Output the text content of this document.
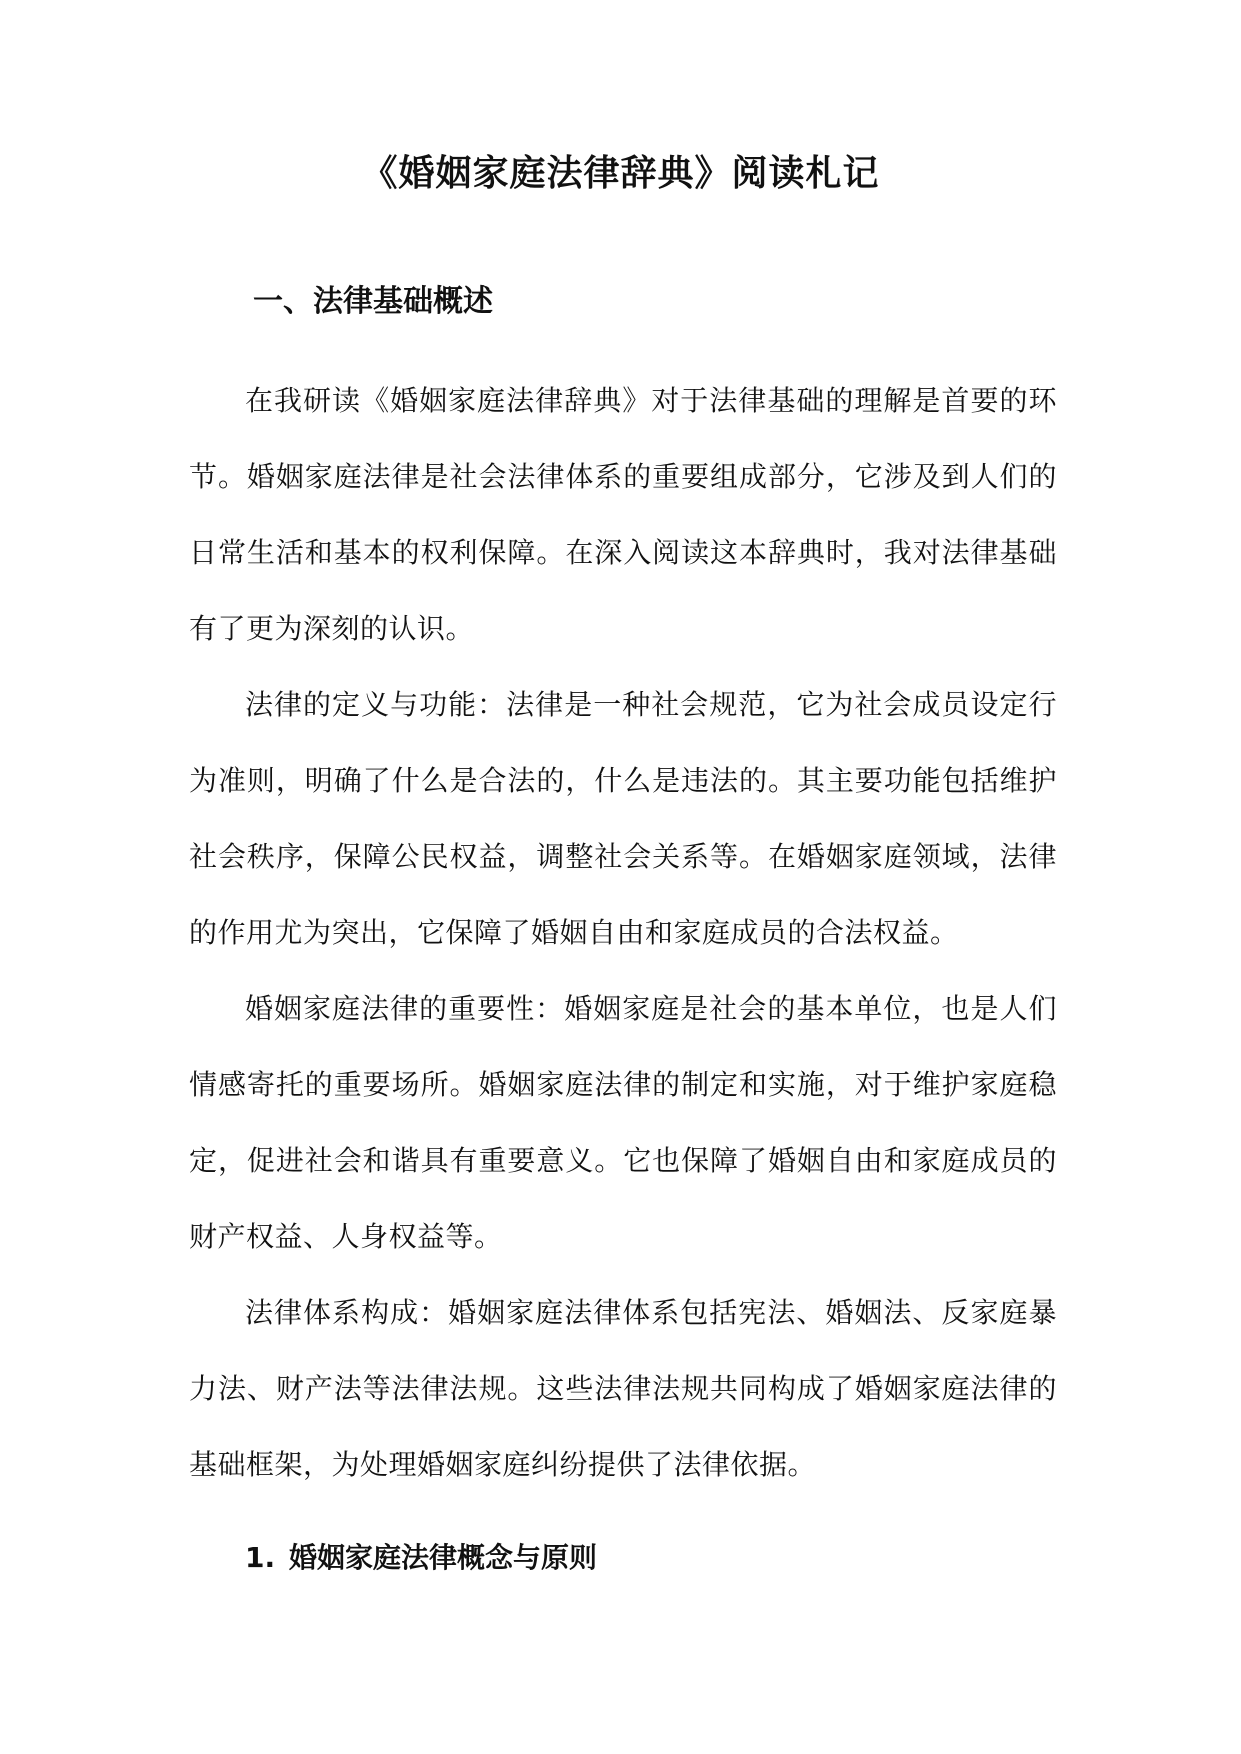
《婚姻家庭法律辞典》阅读札记
一、法律基础概述

在我研读《婚姻家庭法律辞典》对于法律基础的理解是首要的环节。婚姻家庭法律是社会法律体系的重要组成部分，它涉及到人们的日常生活和基本的权利保障。在深入阅读这本辞典时，我对法律基础有了更为深刻的认识。

法律的定义与功能：法律是一种社会规范，它为社会成员设定行为准则，明确了什么是合法的，什么是违法的。其主要功能包括维护社会秩序，保障公民权益，调整社会关系等。在婚姻家庭领域，法律的作用尤为突出，它保障了婚姻自由和家庭成员的合法权益。

婚姻家庭法律的重要性：婚姻家庭是社会的基本单位，也是人们情感寄托的重要场所。婚姻家庭法律的制定和实施，对于维护家庭稳定，促进社会和谐具有重要意义。它也保障了婚姻自由和家庭成员的财产权益、人身权益等。

法律体系构成：婚姻家庭法律体系包括宪法、婚姻法、反家庭暴力法、财产法等法律法规。这些法律法规共同构成了婚姻家庭法律的基础框架，为处理婚姻家庭纠纷提供了法律依据。

1. 婚姻家庭法律概念与原则
